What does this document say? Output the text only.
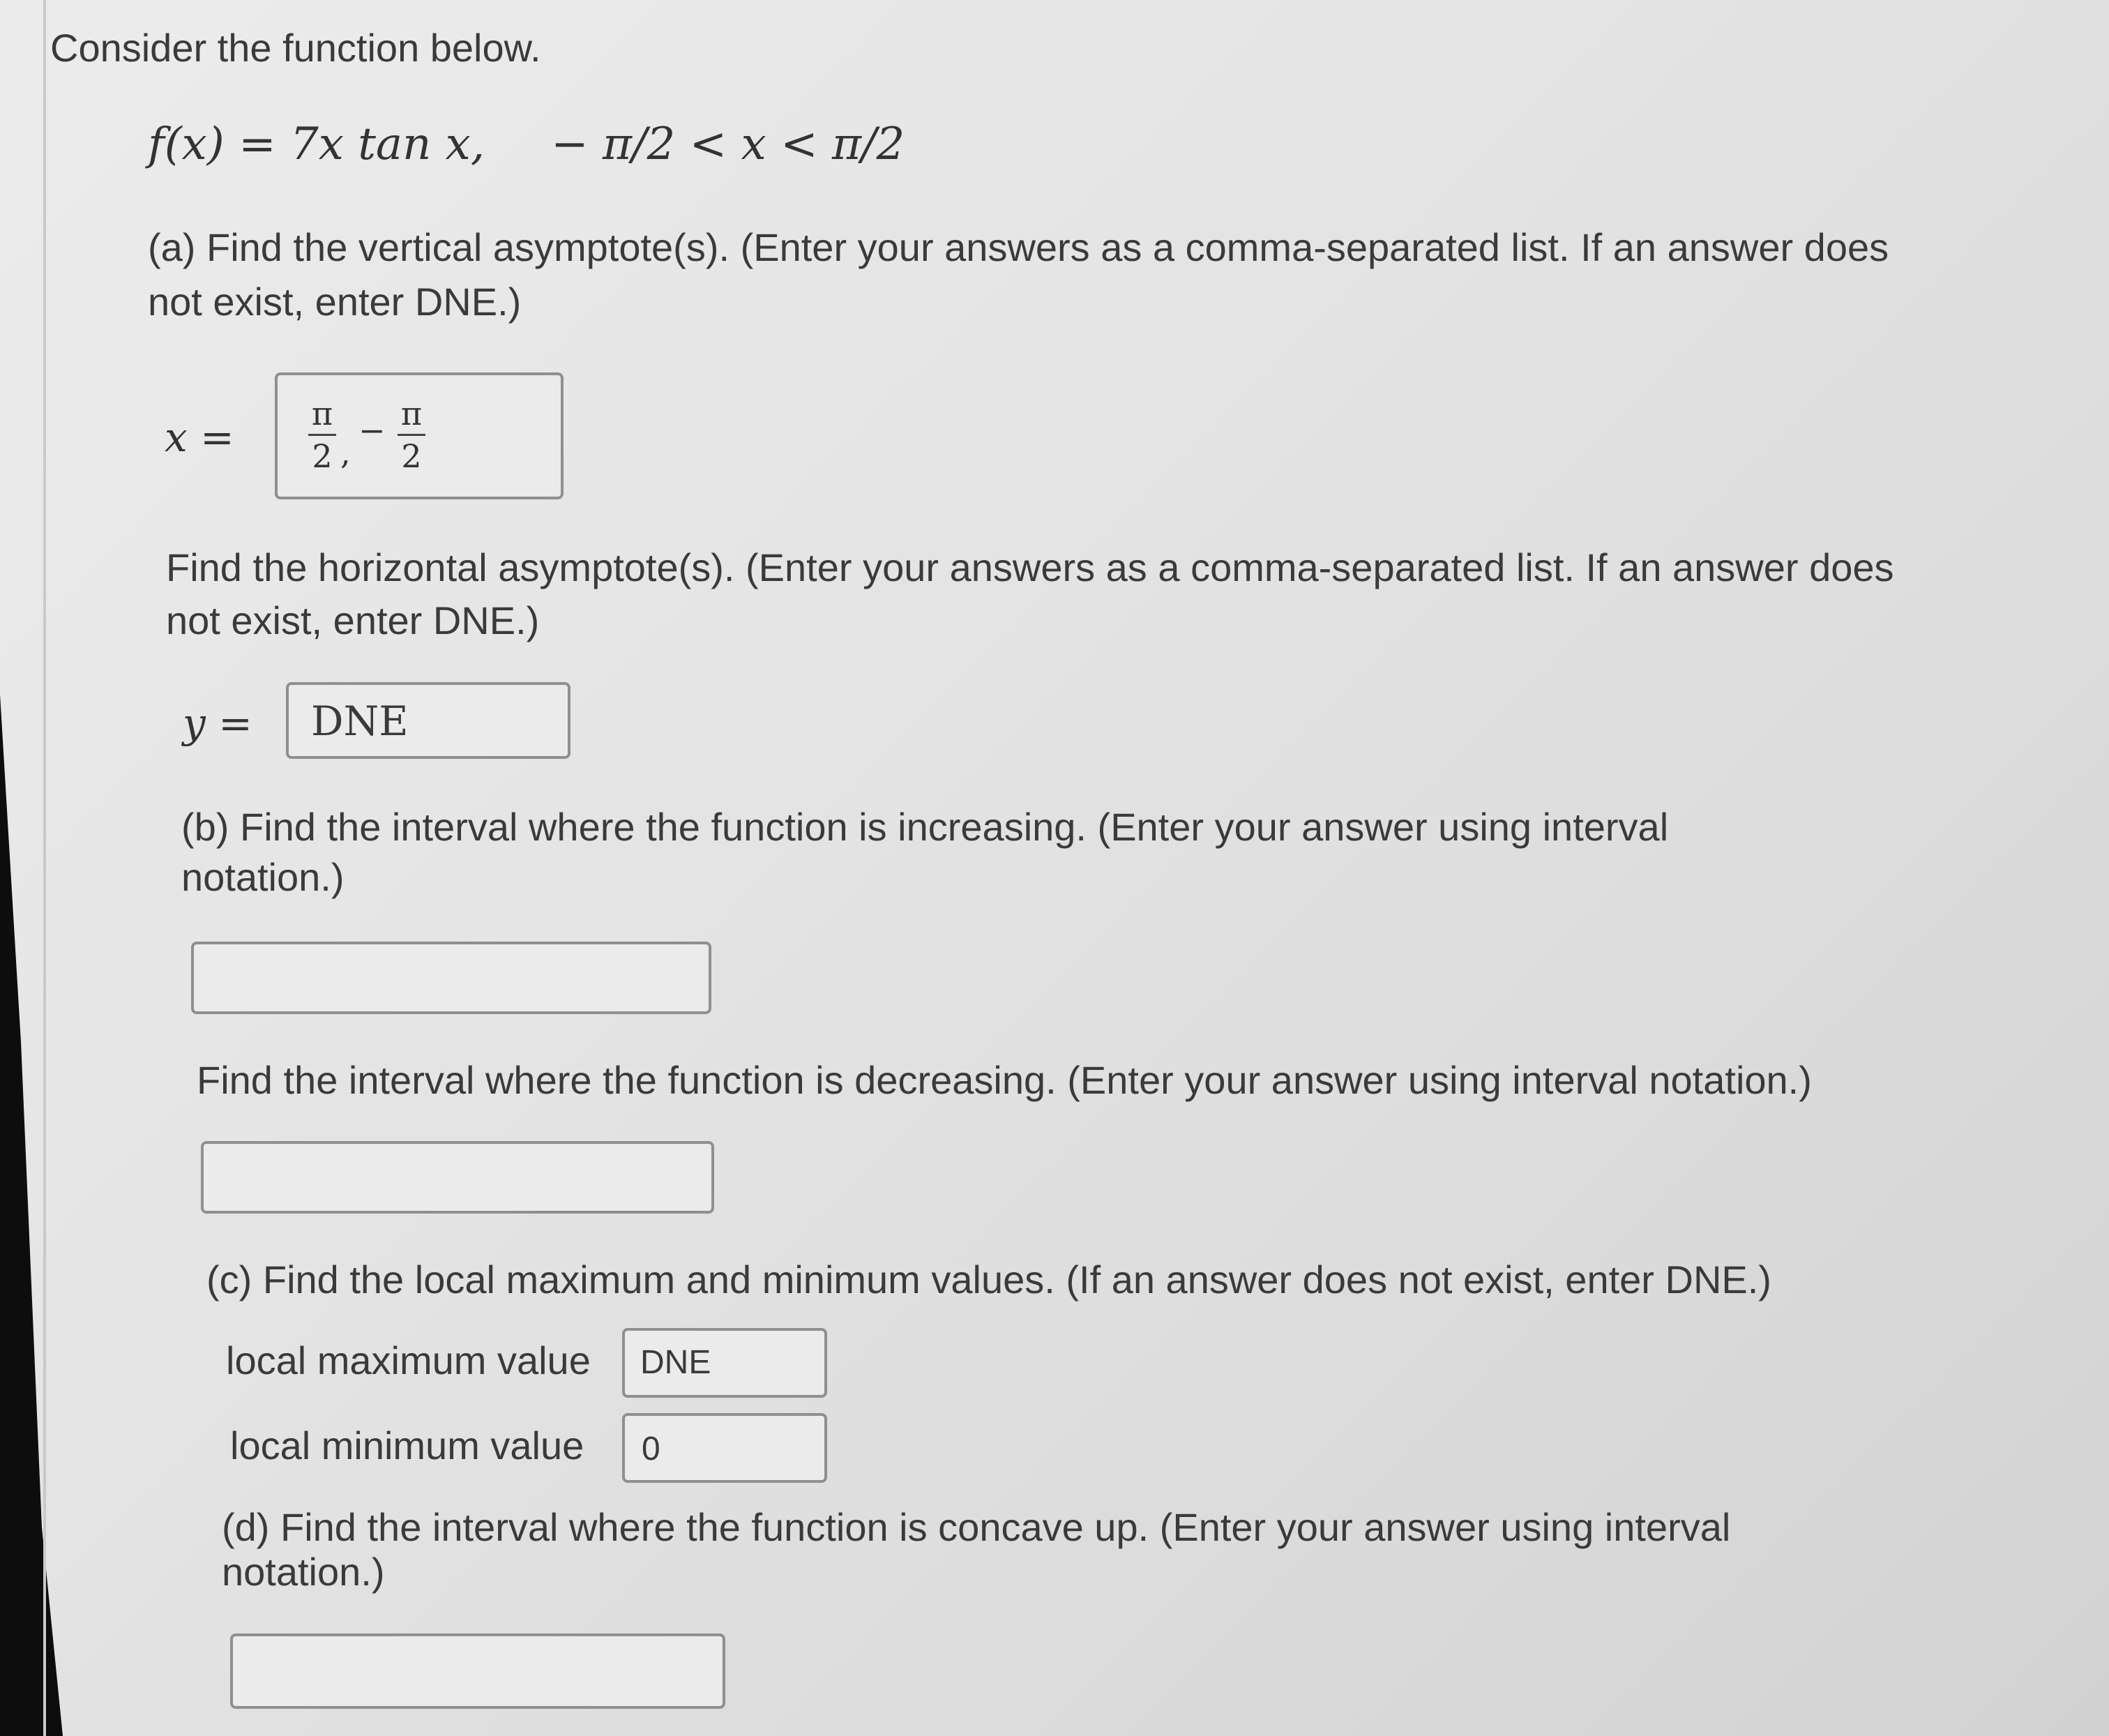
Consider the function below.
f(x) = 7x tan x, − π/2 < x < π/2
(a) Find the vertical asymptote(s). (Enter your answers as a comma-separated list. If an answer does not exist, enter DNE.)
x = π
2 ,
− π
2
Find the horizontal asymptote(s). (Enter your answers as a comma-separated list. If an answer does not exist, enter DNE.)
y = DNE
(b) Find the interval where the function is increasing. (Enter your answer using interval notation.)
Find the interval where the function is decreasing. (Enter your answer using interval notation.)
(c) Find the local maximum and minimum values. (If an answer does not exist, enter DNE.)
local maximum value DNE
local minimum value 0
(d) Find the interval where the function is concave up. (Enter your answer using interval notation.)
